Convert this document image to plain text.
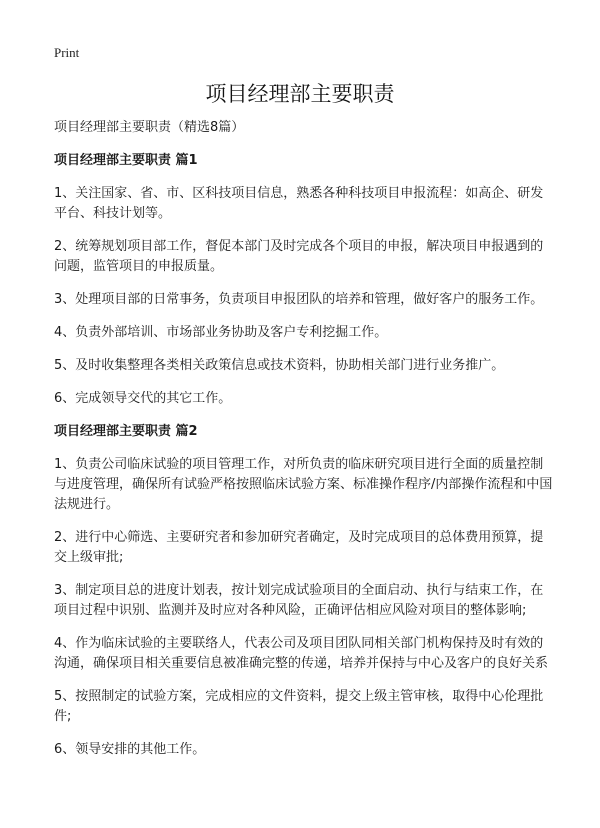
Print
项目经理部主要职责

项目经理部主要职责（精选8篇）

项目经理部主要职责 篇1

1、关注国家、省、市、区科技项目信息，熟悉各种科技项目申报流程：如高企、研发平台、科技计划等。

2、统筹规划项目部工作，督促本部门及时完成各个项目的申报，解决项目申报遇到的问题，监管项目的申报质量。

3、处理项目部的日常事务，负责项目申报团队的培养和管理，做好客户的服务工作。

4、负责外部培训、市场部业务协助及客户专利挖掘工作。

5、及时收集整理各类相关政策信息或技术资料，协助相关部门进行业务推广。

6、完成领导交代的其它工作。

项目经理部主要职责 篇2

1、负责公司临床试验的项目管理工作，对所负责的临床研究项目进行全面的质量控制与进度管理，确保所有试验严格按照临床试验方案、标准操作程序/内部操作流程和中国法规进行。

2、进行中心筛选、主要研究者和参加研究者确定，及时完成项目的总体费用预算，提交上级审批;

3、制定项目总的进度计划表，按计划完成试验项目的全面启动、执行与结束工作，在项目过程中识别、监测并及时应对各种风险，正确评估相应风险对项目的整体影响;

4、作为临床试验的主要联络人，代表公司及项目团队同相关部门机构保持及时有效的沟通，确保项目相关重要信息被准确完整的传递，培养并保持与中心及客户的良好关系

5、按照制定的试验方案，完成相应的文件资料，提交上级主管审核，取得中心伦理批件;

6、领导安排的其他工作。
